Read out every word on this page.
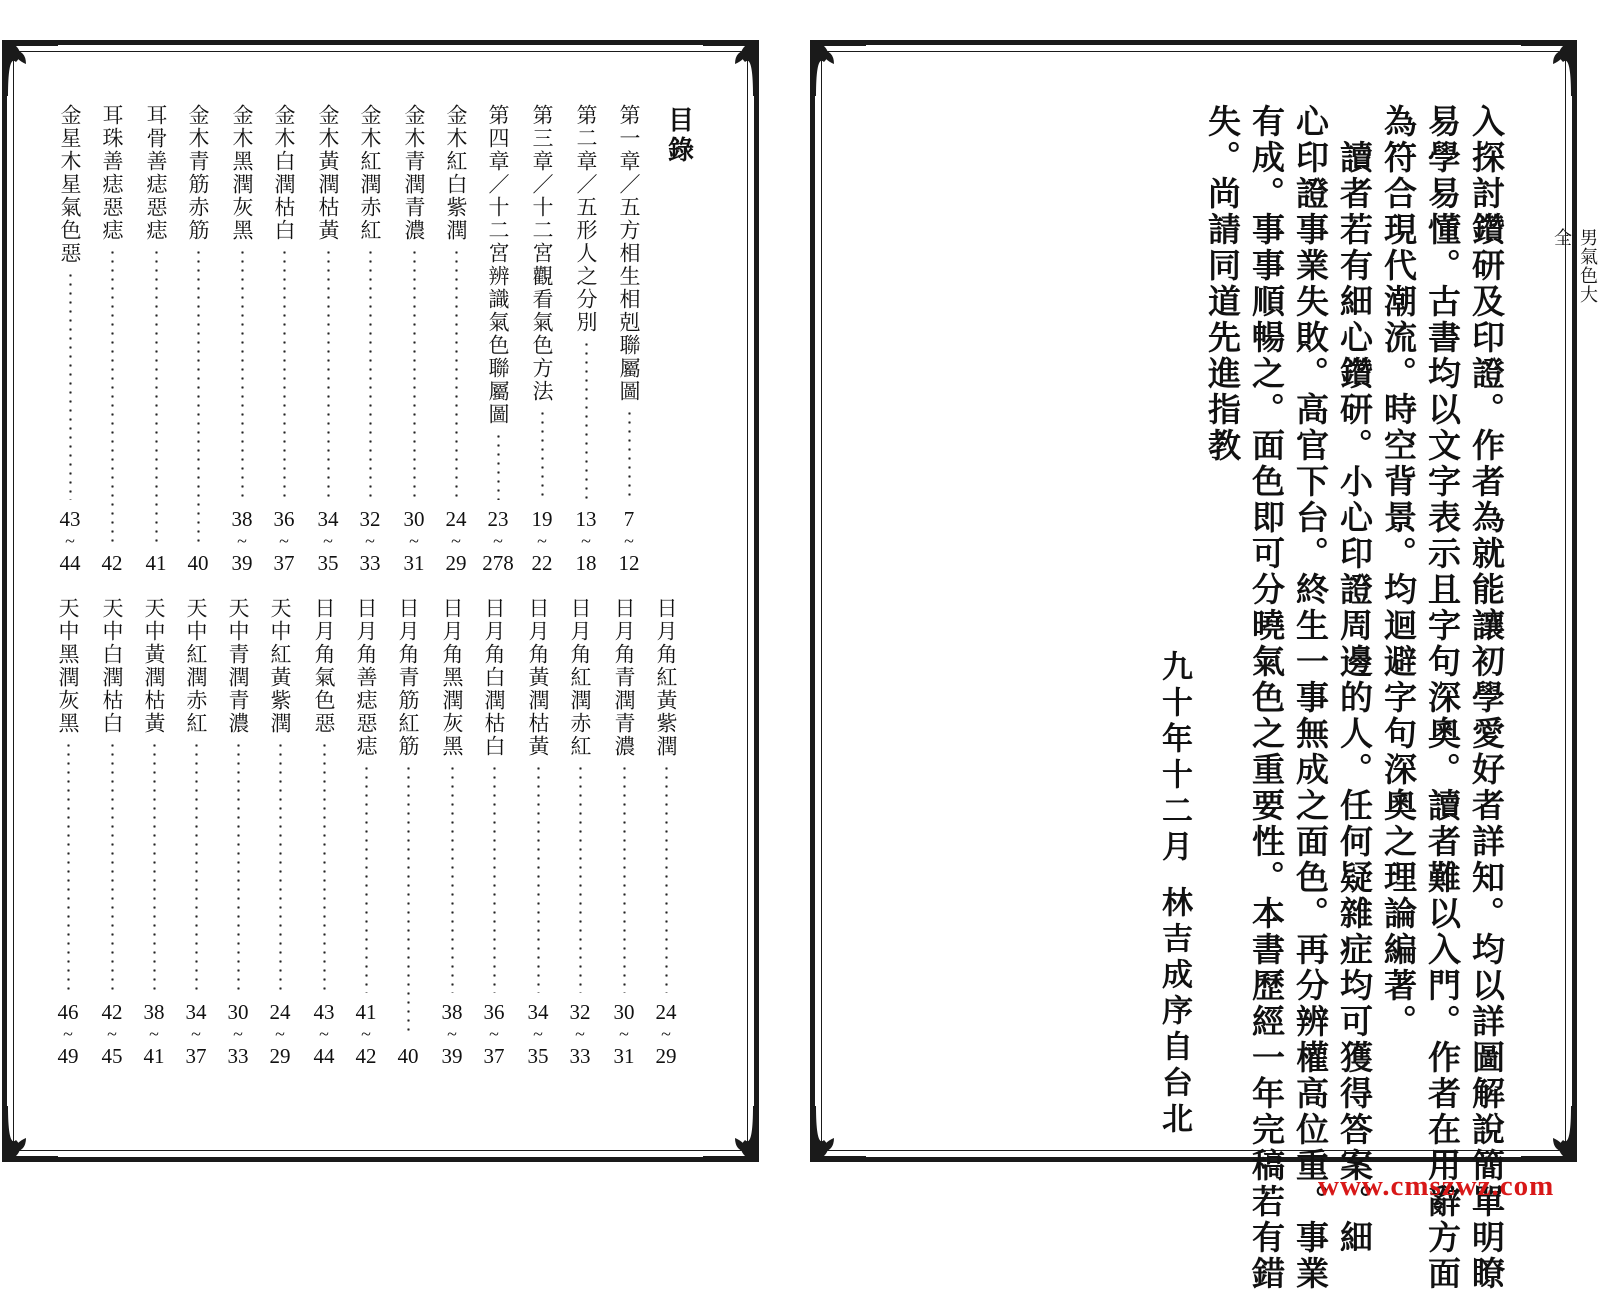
目
錄
第一章／五方相生相剋聯屬圖
7
~
12
第二章／五形人之分別
13
~
18
第三章／十二宮觀看氣色方法
19
~
22
第四章／十二宮辨識氣色聯屬圖
23
~
278
金木紅白紫潤
24
~
29
金木青潤青濃
30
~
31
金木紅潤赤紅
32
~
33
金木黃潤枯黃
34
~
35
金木白潤枯白
36
~
37
金木黑潤灰黑
38
~
39
金木青筋赤筋
40
耳骨善痣惡痣
41
耳珠善痣惡痣
42
金星木星氣色惡
43
~
44
日月角紅黃紫潤
24
~
29
日月角青潤青濃
30
~
31
日月角紅潤赤紅
32
~
33
日月角黃潤枯黃
34
~
35
日月角白潤枯白
36
~
37
日月角黑潤灰黑
38
~
39
日月角青筋紅筋
40
日月角善痣惡痣
41
~
42
日月角氣色惡
43
~
44
天中紅黃紫潤
24
~
29
天中青潤青濃
30
~
33
天中紅潤赤紅
34
~
37
天中黃潤枯黃
38
~
41
天中白潤枯白
42
~
45
天中黑潤灰黑
46
~
49	入探討鑽研及印證。作者為就能讓初學愛好者詳知。均以詳圖解說簡單明瞭
易學易懂。古書均以文字表示且字句深奧。讀者難以入門。作者在用辭方面
為符合現代潮流。時空背景。均迴避字句深奧之理論編著。
　讀者若有細心鑽研。小心印證周邊的人。任何疑雜症均可獲得答案。細
心印證事業失敗。高官下台。終生一事無成之面色。再分辨權高位重。事業
有成。事事順暢之。面色即可分曉氣色之重要性。本書歷經一年完稿若有錯
失。尚請同道先進指教
九十年十二月
林吉成序自台北
男氣色大全
www.cmszwz.com
